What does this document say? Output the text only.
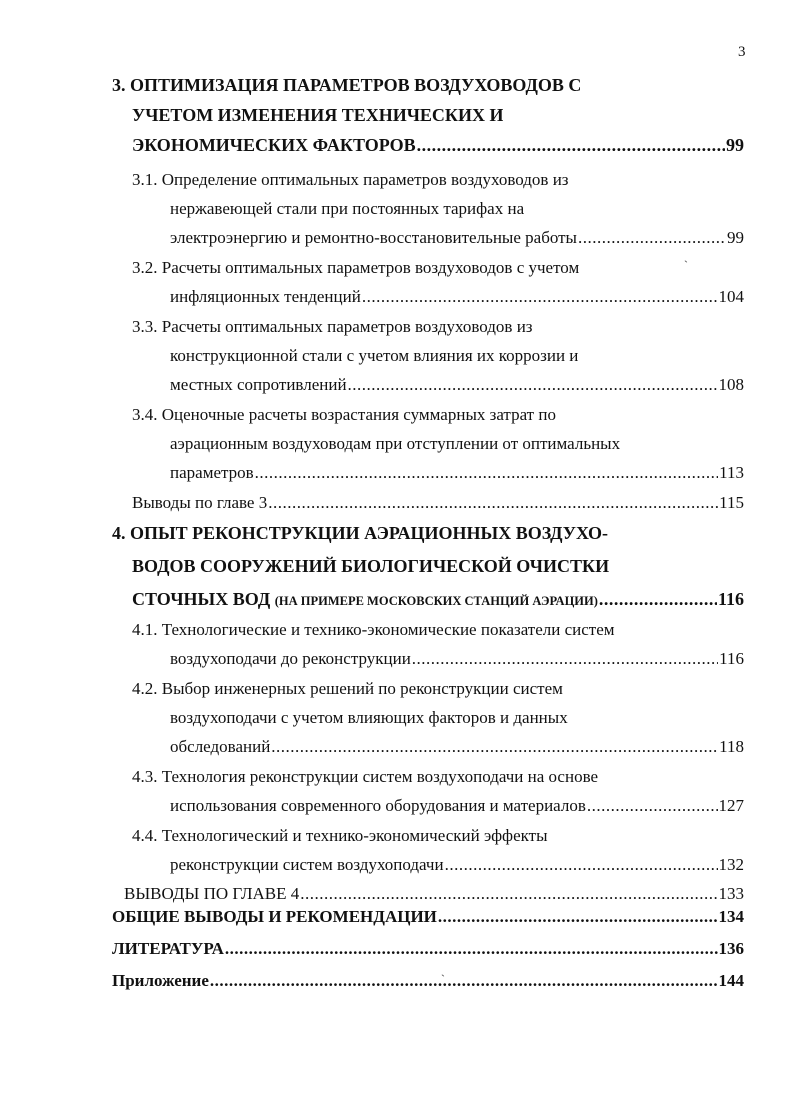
3
3. ОПТИМИЗАЦИЯ ПАРАМЕТРОВ ВОЗДУХОВОДОВ С
УЧЕТОМ ИЗМЕНЕНИЯ ТЕХНИЧЕСКИХ И
ЭКОНОМИЧЕСКИХ ФАКТОРОВ .....	99
3.1. Определение оптимальных параметров воздуховодов из
нержавеющей стали при постоянных тарифах на
электроэнергию и ремонтно-восстановительные работы .....	99
3.2. Расчеты оптимальных параметров воздуховодов с учетом
инфляционных тенденций .....	104
3.3. Расчеты оптимальных параметров воздуховодов из
конструкционной стали с учетом влияния их коррозии и
местных сопротивлений .....	108
3.4. Оценочные расчеты возрастания суммарных затрат по
аэрационным воздуховодам при отступлении от оптимальных
параметров .....	113
Выводы по главе 3 .....	115
4. ОПЫТ РЕКОНСТРУКЦИИ АЭРАЦИОННЫХ ВОЗДУХО-
ВОДОВ СООРУЖЕНИЙ БИОЛОГИЧЕСКОЙ ОЧИСТКИ
СТОЧНЫХ ВОД (НА ПРИМЕРЕ МОСКОВСКИХ СТАНЦИЙ АЭРАЦИИ) .....	116
4.1. Технологические и технико-экономические показатели систем
воздухоподачи до реконструкции .....	116
4.2. Выбор инженерных решений по реконструкции систем
воздухоподачи с учетом влияющих факторов и данных
обследований .....	118
4.3. Технология реконструкции систем воздухоподачи на основе
использования современного оборудования и материалов .....	127
4.4. Технологический и технико-экономический эффекты
реконструкции систем воздухоподачи .....	132
ВЫВОДЫ ПО ГЛАВЕ 4 .....	133
ОБЩИЕ ВЫВОДЫ И РЕКОМЕНДАЦИИ .....	134
ЛИТЕРАТУРА .....	136
Приложение .....	144
`
`
